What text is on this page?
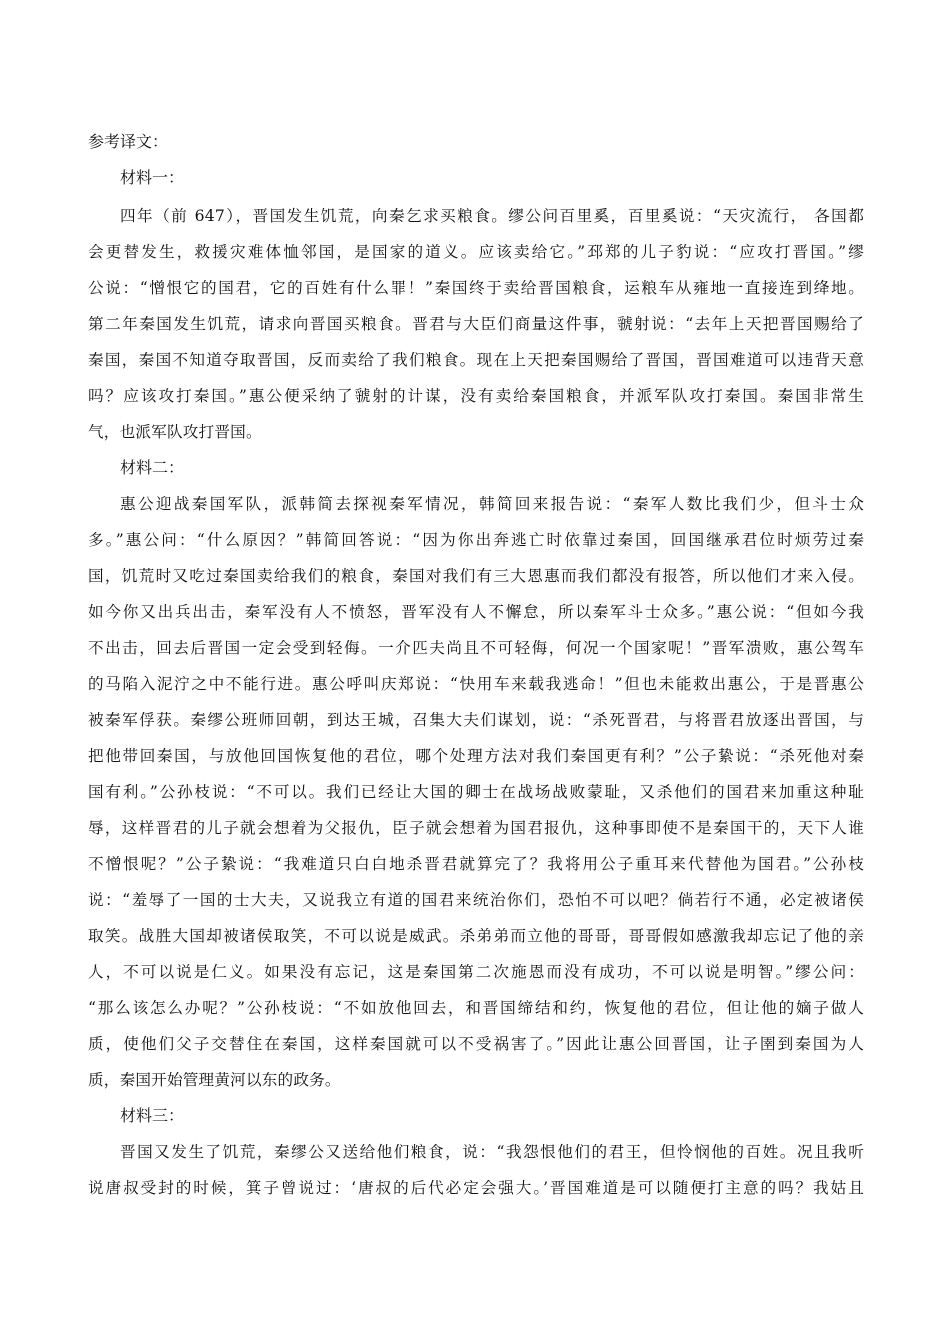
参考译文：

材料一：

四年（前 647），晋国发生饥荒，向秦乞求买粮食。缪公问百里奚，百里奚说：“天灾流行， 各国都
会更替发生，救援灾难体恤邻国，是国家的道义。应该卖给它。”邳郑的儿子豹说：“应攻打晋国。”缪
公说：“憎恨它的国君，它的百姓有什么罪！”秦国终于卖给晋国粮食，运粮车从雍地一直接连到绛地。
第二年秦国发生饥荒，请求向晋国买粮食。晋君与大臣们商量这件事，虢射说：“去年上天把晋国赐给了
秦国，秦国不知道夺取晋国，反而卖给了我们粮食。现在上天把秦国赐给了晋国，晋国难道可以违背天意
吗？应该攻打秦国。”惠公便采纳了虢射的计谋，没有卖给秦国粮食，并派军队攻打秦国。秦国非常生
气，也派军队攻打晋国。

材料二：

惠公迎战秦国军队，派韩简去探视秦军情况，韩简回来报告说：“秦军人数比我们少，但斗士众
多。”惠公问：“什么原因？”韩简回答说：“因为你出奔逃亡时依靠过秦国，回国继承君位时烦劳过秦
国，饥荒时又吃过秦国卖给我们的粮食，秦国对我们有三大恩惠而我们都没有报答，所以他们才来入侵。
如今你又出兵出击，秦军没有人不愤怒，晋军没有人不懈怠，所以秦军斗士众多。”惠公说：“但如今我
不出击，回去后晋国一定会受到轻侮。一介匹夫尚且不可轻侮，何况一个国家呢！”晋军溃败，惠公驾车
的马陷入泥泞之中不能行进。惠公呼叫庆郑说：“快用车来载我逃命！”但也未能救出惠公，于是晋惠公
被秦军俘获。秦缪公班师回朝，到达王城，召集大夫们谋划，说：“杀死晋君，与将晋君放逐出晋国，与
把他带回秦国，与放他回国恢复他的君位，哪个处理方法对我们秦国更有利？”公子絷说：“杀死他对秦
国有利。”公孙枝说：“不可以。我们已经让大国的卿士在战场战败蒙耻，又杀他们的国君来加重这种耻
辱，这样晋君的儿子就会想着为父报仇，臣子就会想着为国君报仇，这种事即使不是秦国干的，天下人谁
不憎恨呢？”公子絷说：“我难道只白白地杀晋君就算完了？我将用公子重耳来代替他为国君。”公孙枝
说：“羞辱了一国的士大夫，又说我立有道的国君来统治你们，恐怕不可以吧？倘若行不通，必定被诸侯
取笑。战胜大国却被诸侯取笑，不可以说是威武。杀弟弟而立他的哥哥，哥哥假如感激我却忘记了他的亲
人，不可以说是仁义。如果没有忘记，这是秦国第二次施恩而没有成功，不可以说是明智。”缪公问：
“那么该怎么办呢？”公孙枝说：“不如放他回去，和晋国缔结和约，恢复他的君位，但让他的嫡子做人
质，使他们父子交替住在秦国，这样秦国就可以不受祸害了。”因此让惠公回晋国，让子圉到秦国为人
质，秦国开始管理黄河以东的政务。

材料三：

晋国又发生了饥荒，秦缪公又送给他们粮食，说：“我怨恨他们的君王，但怜悯他的百姓。况且我听
说唐叔受封的时候，箕子曾说过：‘唐叔的后代必定会强大。’晋国难道是可以随便打主意的吗？我姑且
